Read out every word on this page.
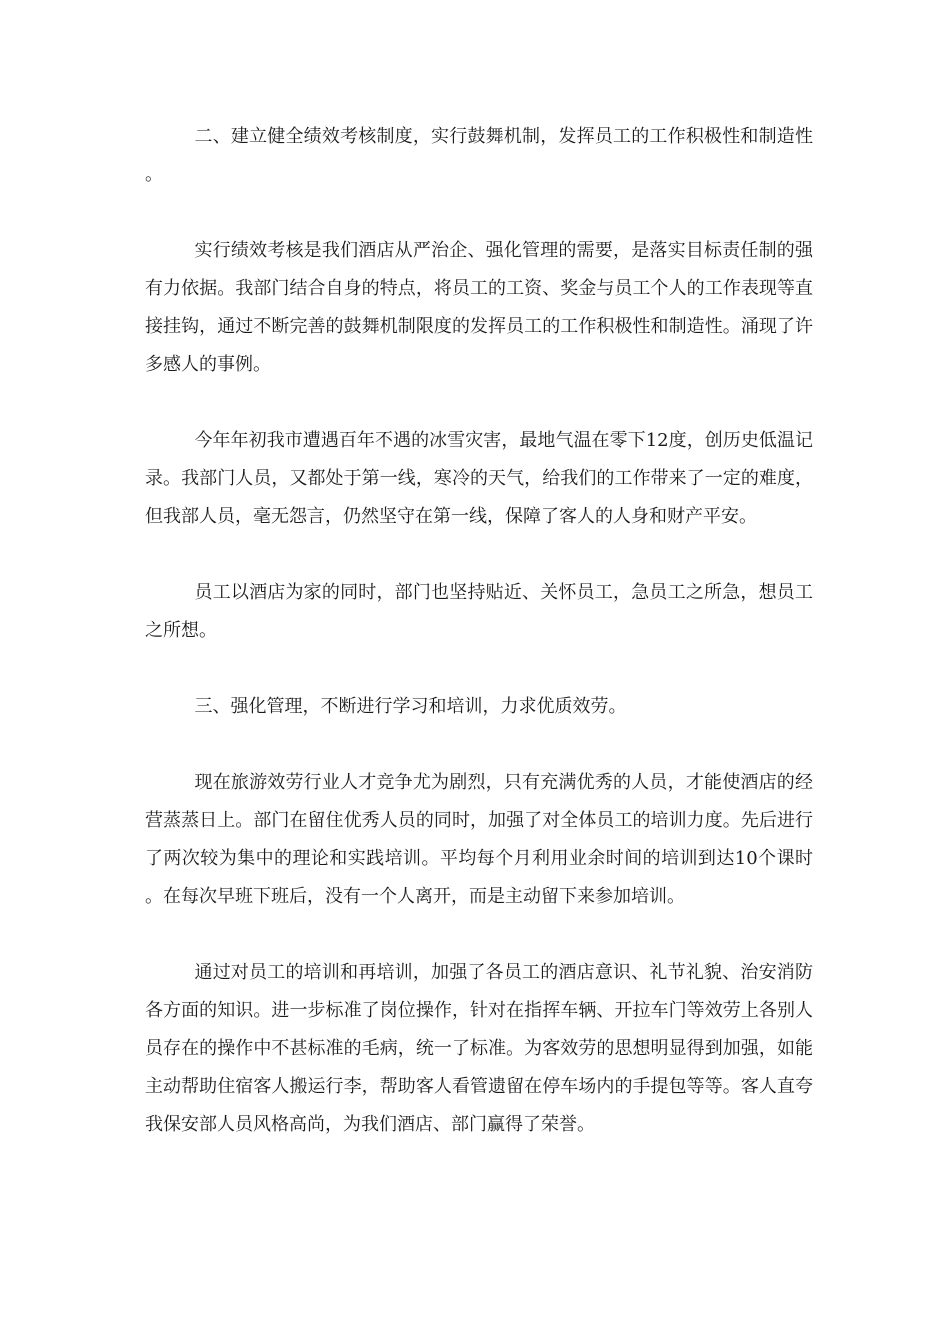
二、建立健全绩效考核制度，实行鼓舞机制，发挥员工的工作积极性和制造性。

实行绩效考核是我们酒店从严治企、强化管理的需要，是落实目标责任制的强有力依据。我部门结合自身的特点，将员工的工资、奖金与员工个人的工作表现等直接挂钩，通过不断完善的鼓舞机制限度的发挥员工的工作积极性和制造性。涌现了许多感人的事例。

今年年初我市遭遇百年不遇的冰雪灾害，最地气温在零下12度，创历史低温记录。我部门人员，又都处于第一线，寒冷的天气，给我们的工作带来了一定的难度，但我部人员，毫无怨言，仍然坚守在第一线，保障了客人的人身和财产平安。

员工以酒店为家的同时，部门也坚持贴近、关怀员工，急员工之所急，想员工之所想。

三、强化管理，不断进行学习和培训，力求优质效劳。

现在旅游效劳行业人才竞争尤为剧烈，只有充满优秀的人员，才能使酒店的经营蒸蒸日上。部门在留住优秀人员的同时，加强了对全体员工的培训力度。先后进行了两次较为集中的理论和实践培训。平均每个月利用业余时间的培训到达10个课时。在每次早班下班后，没有一个人离开，而是主动留下来参加培训。

通过对员工的培训和再培训，加强了各员工的酒店意识、礼节礼貌、治安消防各方面的知识。进一步标准了岗位操作，针对在指挥车辆、开拉车门等效劳上各别人员存在的操作中不甚标准的毛病，统一了标准。为客效劳的思想明显得到加强，如能主动帮助住宿客人搬运行李，帮助客人看管遗留在停车场内的手提包等等。客人直夸我保安部人员风格高尚，为我们酒店、部门赢得了荣誉。
